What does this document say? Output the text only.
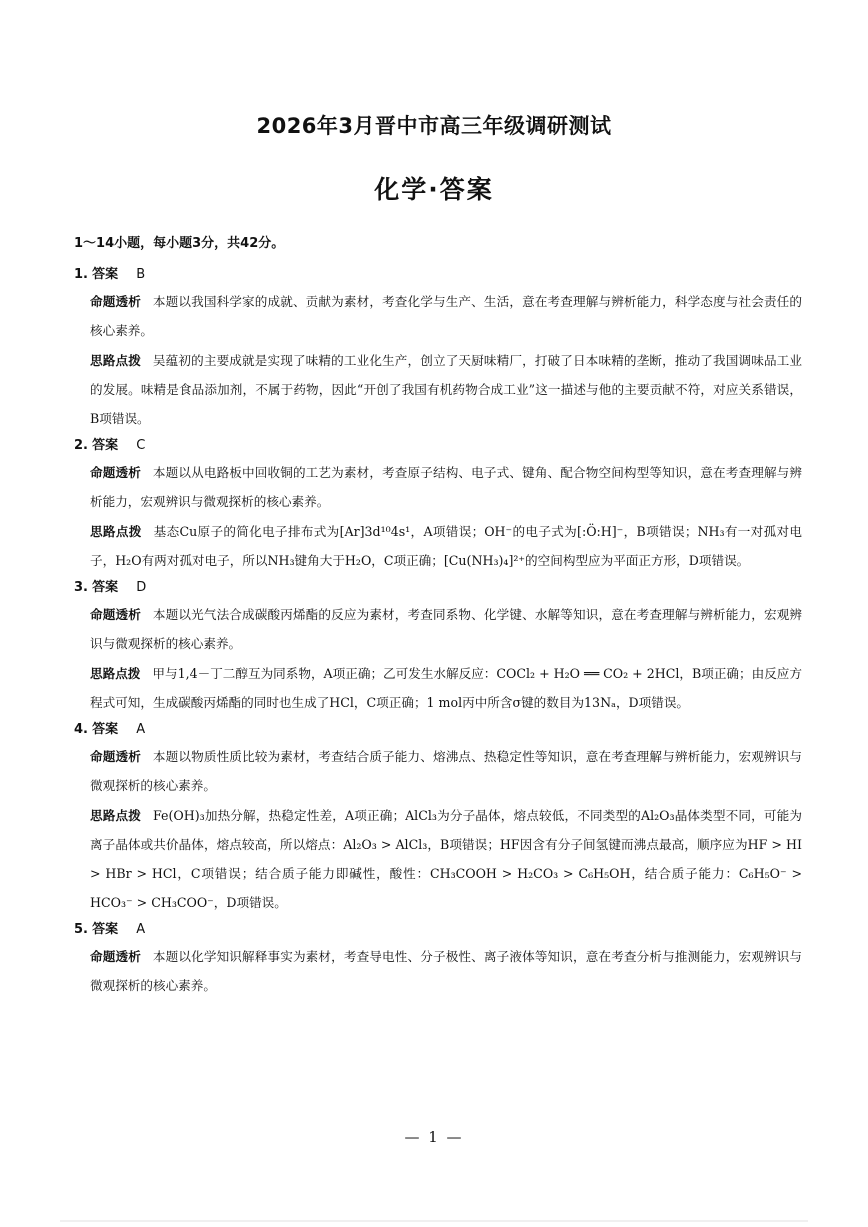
2026年3月晋中市高三年级调研测试
化学·答案
1～14小题，每小题3分，共42分。
1. 答案 B
命题透析 本题以我国科学家的成就、贡献为素材，考查化学与生产、生活，意在考查理解与辨析能力，科学态度与社会责任的核心素养。
思路点拨 吴蕴初的主要成就是实现了味精的工业化生产，创立了天厨味精厂，打破了日本味精的垄断，推动了我国调味品工业的发展。味精是食品添加剂，不属于药物，因此“开创了我国有机药物合成工业”这一描述与他的主要贡献不符，对应关系错误，B项错误。
2. 答案 C
命题透析 本题以从电路板中回收铜的工艺为素材，考查原子结构、电子式、键角、配合物空间构型等知识，意在考查理解与辨析能力，宏观辨识与微观探析的核心素养。
思路点拨 基态Cu原子的简化电子排布式为[Ar]3d¹⁰4s¹，A项错误；OH⁻的电子式为[:Ö:H]⁻，B项错误；NH₃有一对孤对电子，H₂O有两对孤对电子，所以NH₃键角大于H₂O，C项正确；[Cu(NH₃)₄]²⁺的空间构型应为平面正方形，D项错误。
3. 答案 D
命题透析 本题以光气法合成碳酸丙烯酯的反应为素材，考查同系物、化学键、水解等知识，意在考查理解与辨析能力，宏观辨识与微观探析的核心素养。
思路点拨 甲与1,4－丁二醇互为同系物，A项正确；乙可发生水解反应：COCl₂ + H₂O ══ CO₂ + 2HCl，B项正确；由反应方程式可知，生成碳酸丙烯酯的同时也生成了HCl，C项正确；1 mol丙中所含σ键的数目为13Nₐ，D项错误。
4. 答案 A
命题透析 本题以物质性质比较为素材，考查结合质子能力、熔沸点、热稳定性等知识，意在考查理解与辨析能力，宏观辨识与微观探析的核心素养。
思路点拨 Fe(OH)₃加热分解，热稳定性差，A项正确；AlCl₃为分子晶体，熔点较低，不同类型的Al₂O₃晶体类型不同，可能为离子晶体或共价晶体，熔点较高，所以熔点：Al₂O₃ > AlCl₃，B项错误；HF因含有分子间氢键而沸点最高，顺序应为HF > HI > HBr > HCl，C项错误；结合质子能力即碱性，酸性：CH₃COOH > H₂CO₃ > C₆H₅OH，结合质子能力：C₆H₅O⁻ > HCO₃⁻ > CH₃COO⁻，D项错误。
5. 答案 A
命题透析 本题以化学知识解释事实为素材，考查导电性、分子极性、离子液体等知识，意在考查分析与推测能力，宏观辨识与微观探析的核心素养。
— 1 —
